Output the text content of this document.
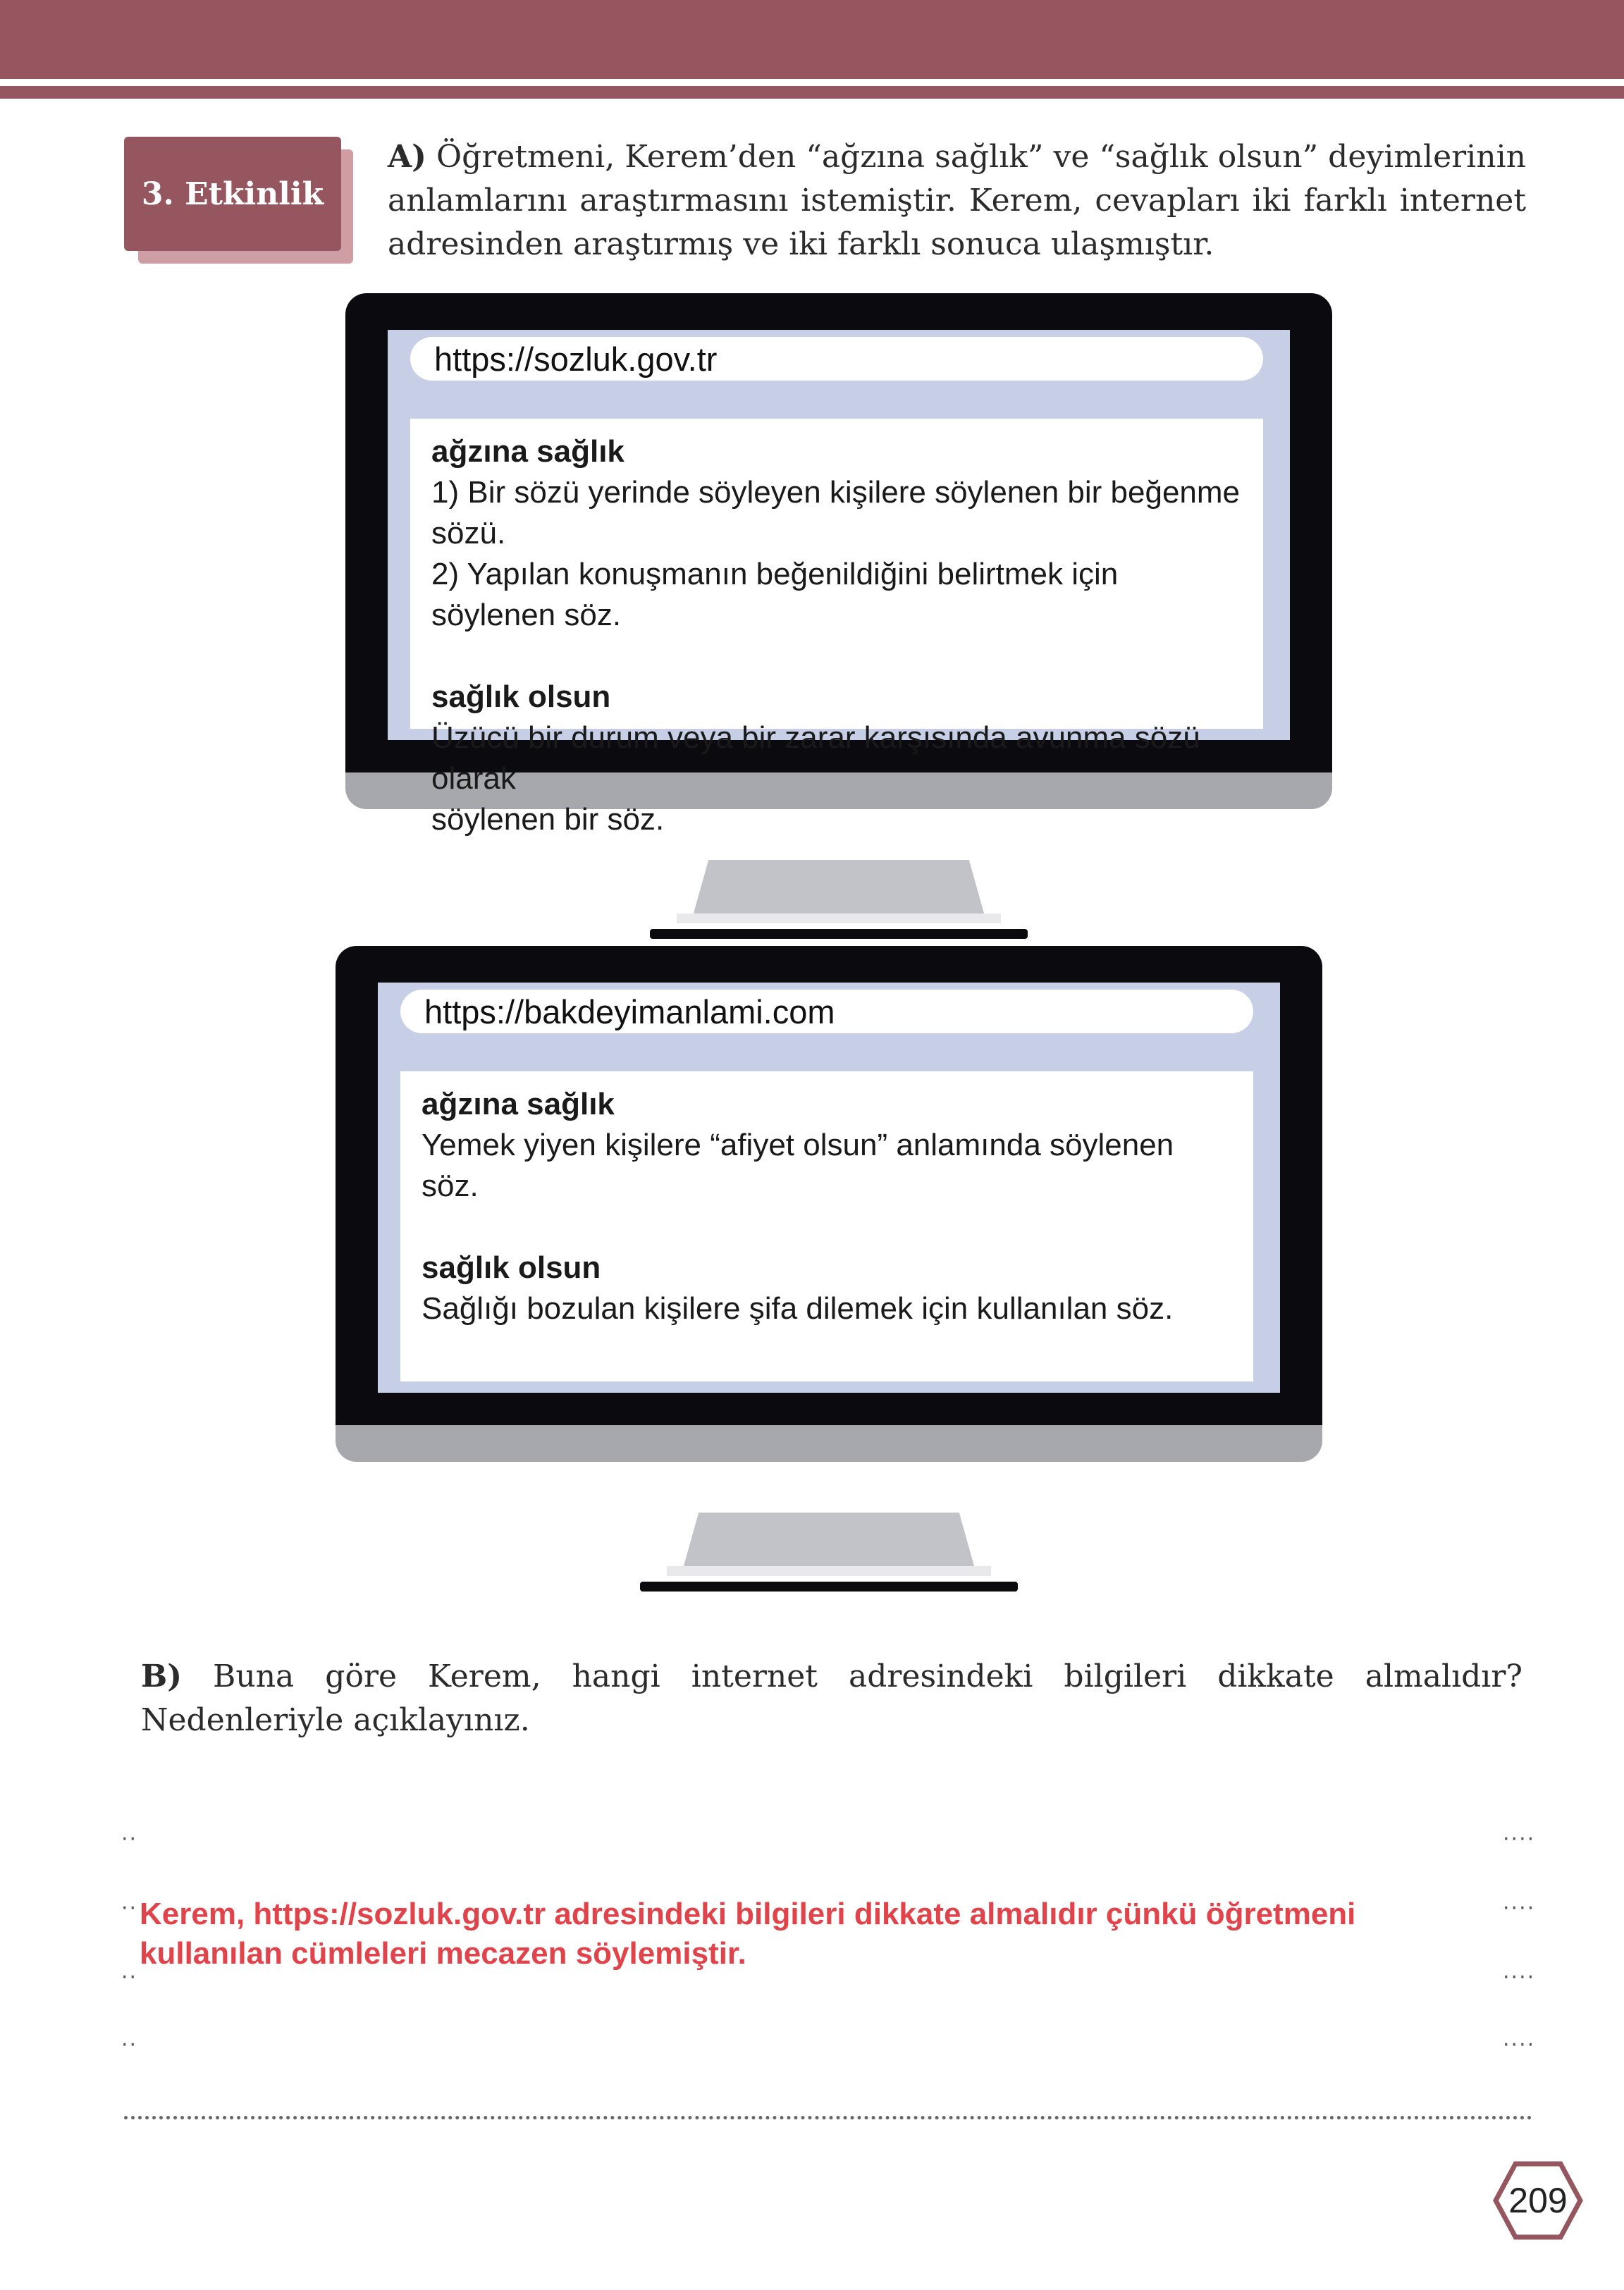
3. Etkinlik
A) Öğretmeni, Kerem’den “ağzına sağlık” ve “sağlık olsun” deyimlerinin anlamlarını araştırmasını istemiştir. Kerem, cevapları iki farklı internet adresinden araştırmış ve iki farklı sonuca ulaşmıştır.
https://sozluk.gov.tr
ağzına sağlık
1) Bir sözü yerinde söyleyen kişilere söylenen bir beğenme sözü.
2) Yapılan konuşmanın beğenildiğini belirtmek için söylenen söz.
sağlık olsun
Üzücü bir durum veya bir zarar karşısında avunma sözü olarak
söylenen bir söz.
https://bakdeyimanlami.com
ağzına sağlık
Yemek yiyen kişilere “afiyet olsun” anlamında söylenen söz.
sağlık olsun
Sağlığı bozulan kişilere şifa dilemek için kullanılan söz.
B) Buna göre Kerem, hangi internet adresindeki bilgileri dikkate almalıdır? Nedenleriyle açıklayınız.
··	····
··	····
··	····
··	····
Kerem, https://sozluk.gov.tr adresindeki bilgileri dikkate almalıdır çünkü öğretmeni
kullanılan cümleleri mecazen söylemiştir.
209
